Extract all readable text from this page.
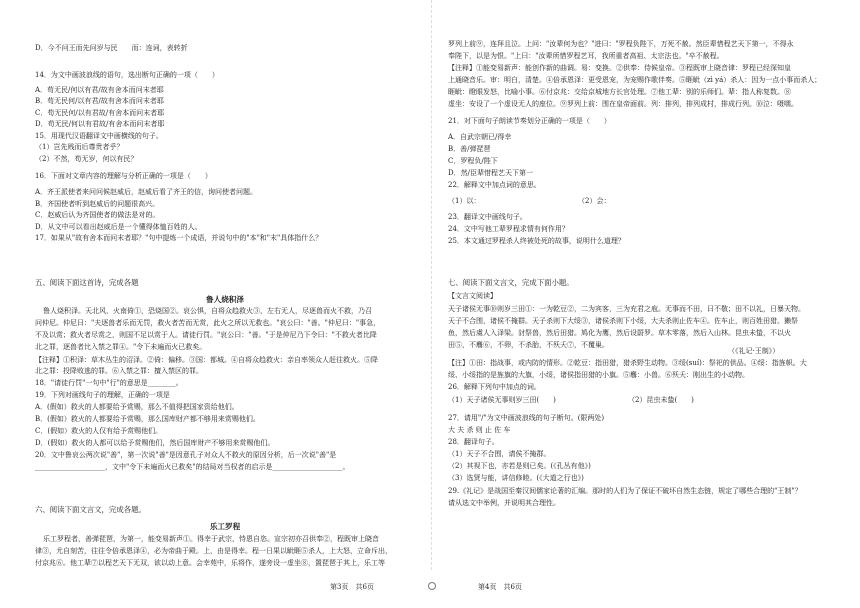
D．今不问王而先问岁与民　　而：连词，表转折
14．为文中画波浪线的语句，选出断句正确的一项（　　）
A．苟无民/何以有君/故有舍本而问末者耶
B．苟无民何/以有君/故有舍本而问末者耶
C．苟无民何/以有君故/有舍本而问末者耶
D．苟无民/何以有君故/有舍本而问末者耶
15．用现代汉语翻译文中画横线的句子。
（1）岂先贱而后尊贵者乎？
（2）不然，苟无岁，何以有民？
16．下面对文章内容的理解与分析正确的一项是（　　）
A．齐王派使者来问问候赵威后，赵威后看了齐王的信，询问使者问题。
B．齐国使者听到赵威后的问题很高兴。
C．赵威后认为齐国使者的做法是对的。
D．从文中可以看出赵威后是一个懂得体恤百姓的人。
17．如果从"故有舍本而问末者耶？"句中提炼一个成语，并说句中的"本"和"末"具体指什么？
五、阅读下面这首诗，完成各题
鲁人烧积泽
鲁人烧积泽。天北风，火南倚①，恐烧国②。哀公惧，自将众趋救火③，左右无人，尽逐兽而火不救，乃召
问仲尼。仲尼曰："夫逐兽者乐而无罚，救火者苦而无赏，此火之所以无救也。"哀公曰："善。"仲尼曰："事急，
不及以赏；救火者尽赏之，则国不足以赏于人。请徒行罚。"哀公曰："善。"于是仲尼乃下令曰："不救火者比降
北之罪，逐兽者比入禁之罪④。"令下未遍而火已救矣。
【注释】①积泽：草木丛生的沼泽。②倚：偏移。③国：都城。④自将众趋救火：亲自率领众人赶往救火。⑤降
北之罪：投降败逃的罪。⑥入禁之罪：擅入禁区的罪。
18．"请徒行罚"一句中"行"的意思是________。
19．下列对画线句子的理解，正确的一项是
A．(假如）救火的人都要给予赏赐，那么不值得把国家资给他们。
B．(假如）救火的人都要给予赏赐，那么国库财产都不够用来赏赐他们。
C．(假如）救火的人仅有给予赏赐他们。
D．(假如）救火的人都可以给予赏赐他们，然后国库财产不够用来赏赐他们。
20．文中鲁哀公两次说"善"，第一次说"善"是因意孔子对众人不救火的原因分析，后一次说"善"是
____________________，文中"令下未遍而火已救矣"的结局对当权者的启示是____________________。
六、阅读下面文言文，完成各题。
乐工罗程
乐工罗程者，善弹琵琶，为第一，能变易新声①。得幸于武宗，恃恩自恣。宣宗初亦召供奉②，程既审上晓音
律③，尤自刻苦，往往令倍承恩泽④，必为帝曲于殿。上，由是得幸。程一日果以眦睚⑤杀人，上大怒，立命斥出，
付京兆⑥。他工辈⑦以程艺天下无双，欲以动上意。会幸苑中，乐将作，遂旁设一虚坐⑧，置琵琶于其上，乐工等
罗列上前⑨，连拜且泣。上问："汝辈何为也？"进曰："罗程负陛下，万死不赦。然臣辈惜程艺天下第一，不得永
奉陛下，以是为恨。"上曰："汝辈所惜罗程艺耳，我所重者高祖、太宗法也。"卒不赦程。
【注释】①能变易新声：能创作新的曲调。易：变换。②供奉：侍候皇帝。③程既审上晓音律：罗程已经深知皇
上通晓音乐。审：明白，清楚。④倍承恩泽：更受恩宠，为宠赐作歌伴奏。⑤睚眦（zì yá）杀人：因为一点小事而杀人；
睚眦：瞪眼发怒，比喻小事。⑥付京兆：交给京城地方长官处理。⑦他工辈：别的乐师们。辈：指人称复数。⑧
虚坐：安设了一个虚设无人的座位。⑨罗列上前：围在皇帝面前。列：排列，排列成村，排成行列。⑩泣：嗫嚅。
21．对下面句子朗读节奏划分正确的一项是（　　）
A．自武宗朝已/得幸
B．善/弹琵琶
C．罗程负/陛下
D．然/臣辈惜程艺天下第一
22．解释文中加点词的意思。
（1）以：	（2）会：
23．翻译文中画线句子。
24．文中写他工辈罗程求情有何作用？
25．本文通过罗程杀人终被处死的故事，说明什么道理？
七、阅读下面文言文，完成下面小题。
【文言文阅读】
天子诸侯无事⑩则岁三田①：一为乾豆②，二为宾客，三为充君之庖。无事而不田，曰不敬；田不以礼，日暴天物。
天子不合围，诸侯不掩群。天子杀则下大绥③，诸侯杀则下小绥，大夫杀则止佐车④。佐车止，则百姓田猎。獭祭
鱼，然后虞人入泽梁。豺祭兽，然后田猎。鸠化为鹰，然后设罻罗。草木零落，然后入山林。昆虫未蛰，不以火
田⑤，不麛⑥，不卵，不杀胎，不殀夭⑦，不覆巢。
（《礼记·王制》）
【注】①田：指战事，或内防的情形。②乾豆：指田猎，猎杀野生动物。③绥(suí)：祭祀的供品。④绥：指旌帜。大
绥、小绥指的是旌旗的大旗，小绥，诸侯指田猎的小旗。⑤麛：小兽。⑥殀夭：刚出生的小动物。
26．解释下列句中加点的词。
（1）天子诸侯无事则岁三田(　　)	（2）昆虫未蛰(　　)
27．请用"/"为文中画波浪线的句子断句。(限两处)
大 夫 杀 则 止 佐 车
28．翻译句子。
（1）天子不合围，请侯不掩群。
（2）其视下也，亦若是则已矣。(《孔丛有他》)
（3）选贤与能，讲信修睦。(《大道之行也》)
29.《礼记》是战国至秦汉间儒家论著的汇编。那时的人们为了保证不破坏自然生态链，规定了哪些合理的"王制"？
请从选文中举例，并说明其合理性。
第3页　共6页	第4页　共6页
